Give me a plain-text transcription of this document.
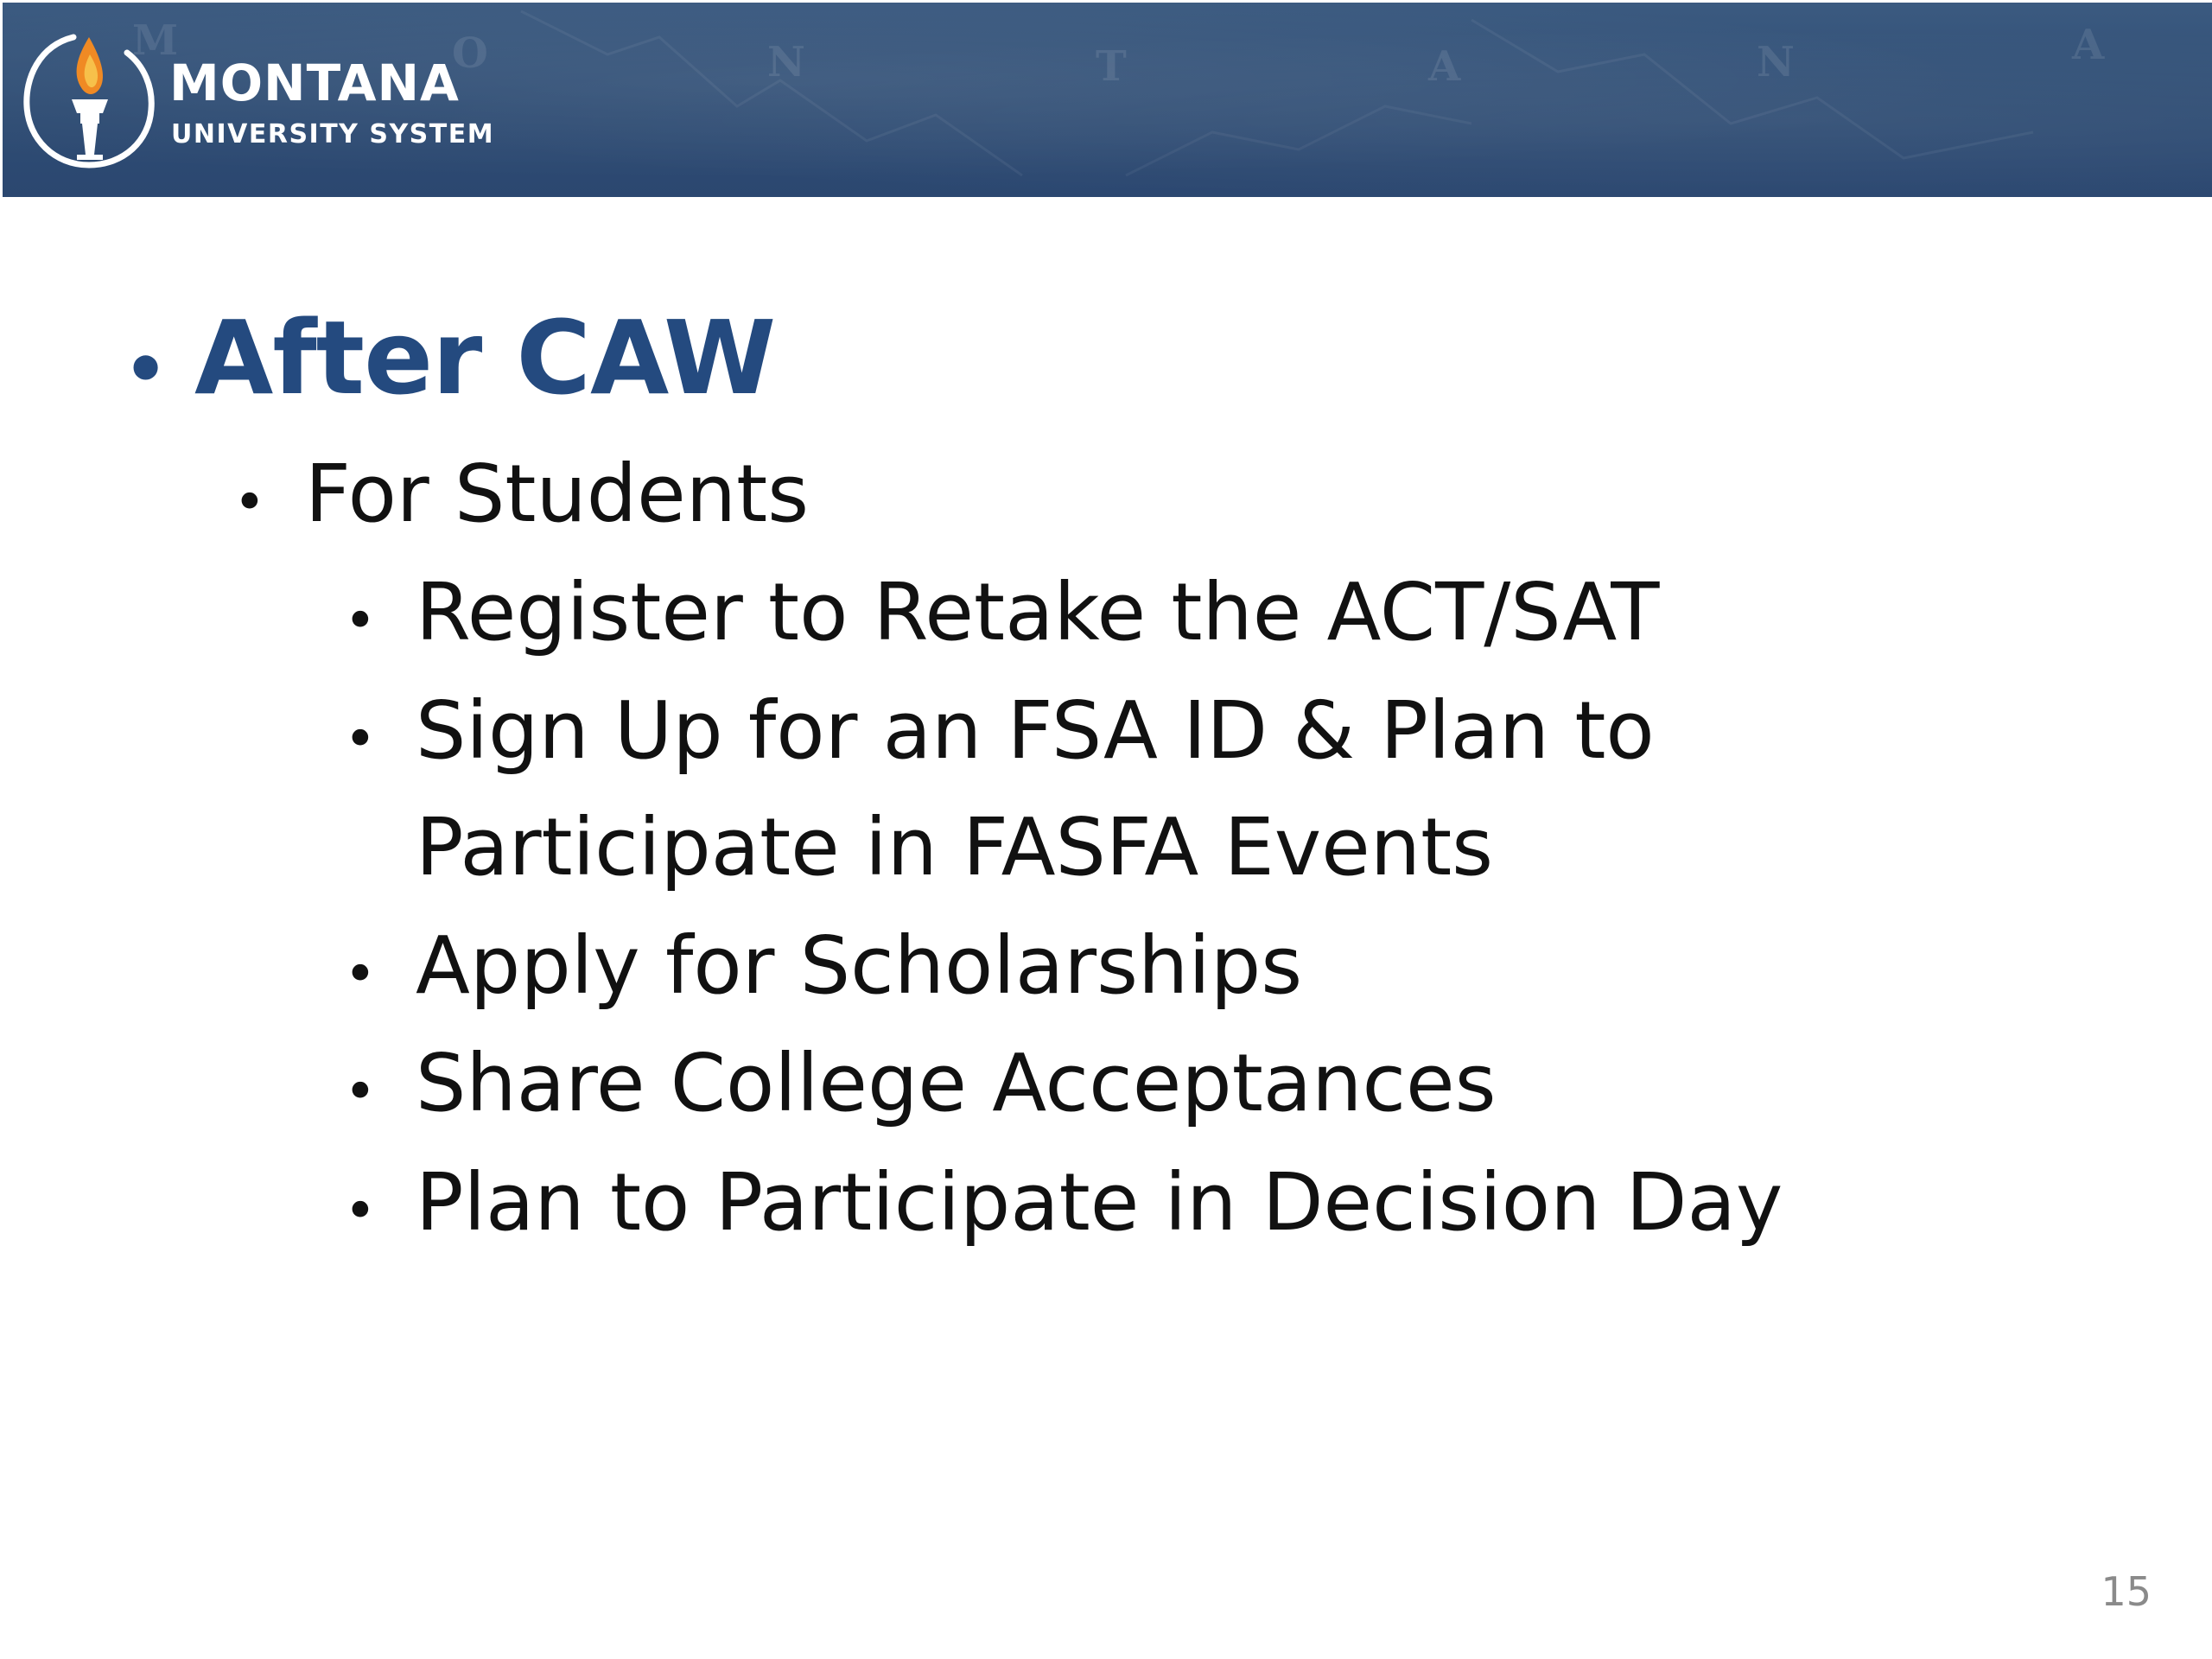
M	O	N	T	A	N	A
MONTANA
UNIVERSITY SYSTEM
• After CAW
• For Students
• Register to Retake the ACT/SAT
• Sign Up for an FSA ID & Plan to
Participate in FASFA Events
• Apply for Scholarships
• Share College Acceptances
• Plan to Participate in Decision Day
15
